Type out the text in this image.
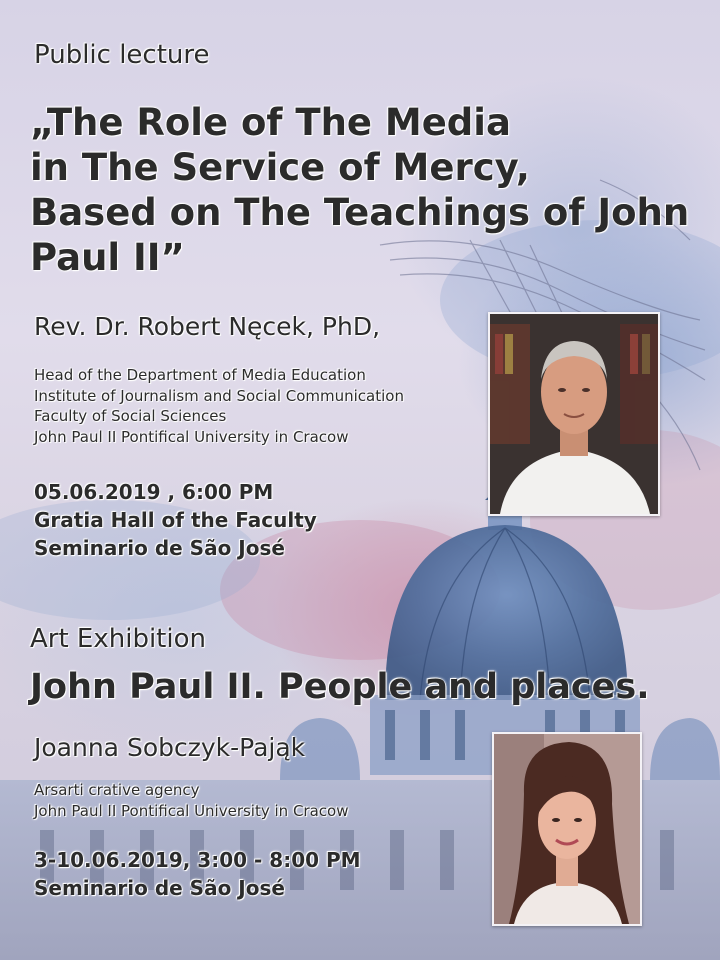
Public lecture
„The Role of The Media
in The Service of Mercy,
Based on The Teachings of John
Paul II”
Rev. Dr. Robert Nęcek, PhD,
Head of the Department of Media Education
Institute of Journalism and Social Communication
Faculty of Social Sciences
John Paul II Pontifical University in Cracow
05.06.2019 , 6:00 PM
Gratia Hall of the Faculty
Seminario de São José
Art Exhibition
John Paul II. People and places.
Joanna Sobczyk-Pająk
Arsarti crative agency
John Paul II Pontifical University in Cracow
3-10.06.2019, 3:00 - 8:00 PM
Seminario de São José
